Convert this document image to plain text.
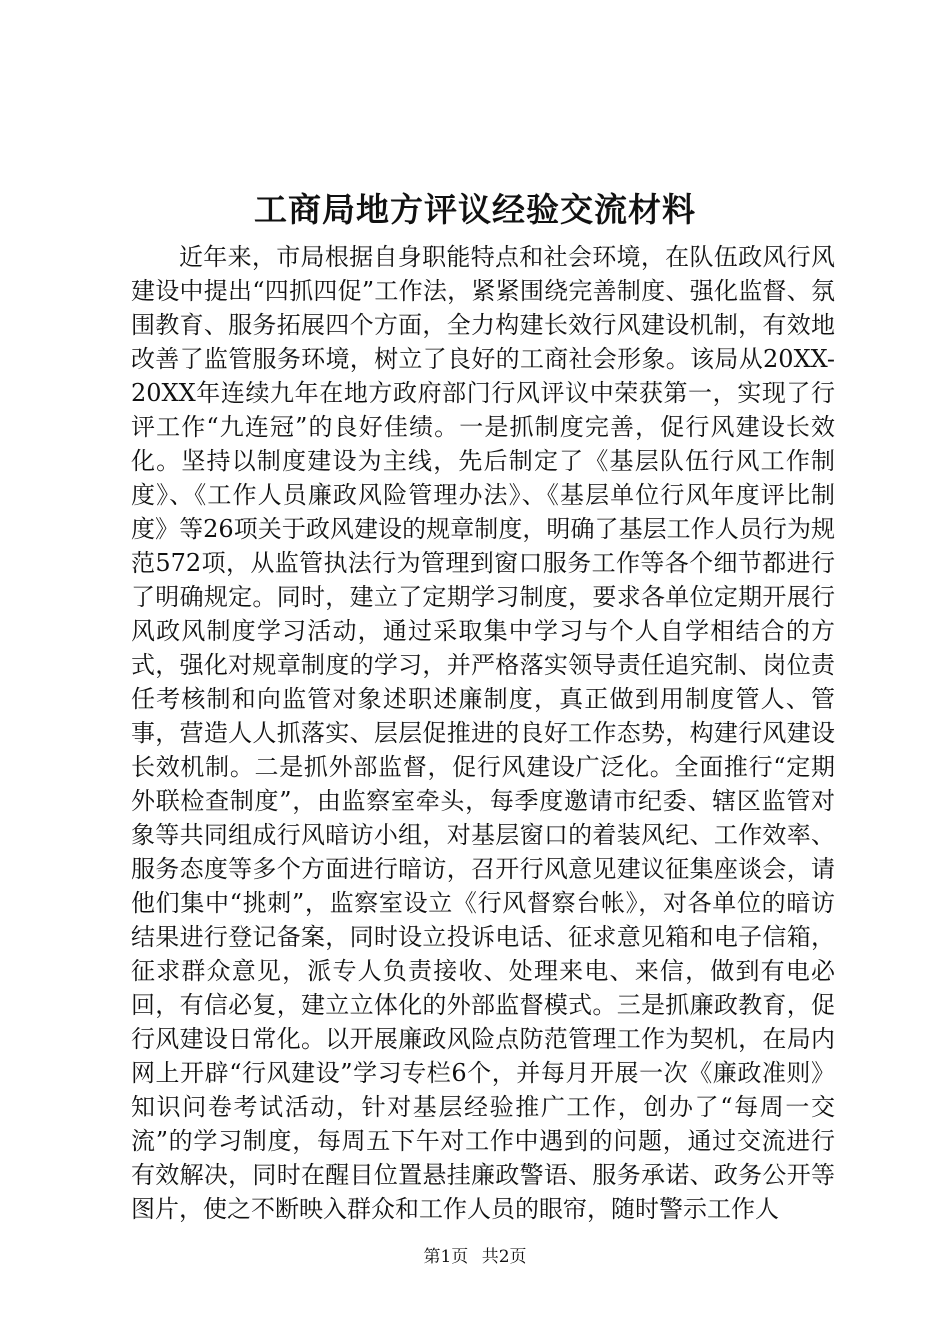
工商局地方评议经验交流材料

近年来，市局根据自身职能特点和社会环境，在队伍政风行风建设中提出“四抓四促”工作法，紧紧围绕完善制度、强化监督、氛围教育、服务拓展四个方面，全力构建长效行风建设机制，有效地改善了监管服务环境，树立了良好的工商社会形象。该局从20XX-20XX年连续九年在地方政府部门行风评议中荣获第一，实现了行评工作“九连冠”的良好佳绩。一是抓制度完善，促行风建设长效化。坚持以制度建设为主线，先后制定了《基层队伍行风工作制度》、《工作人员廉政风险管理办法》、《基层单位行风年度评比制度》等26项关于政风建设的规章制度，明确了基层工作人员行为规范572项，从监管执法行为管理到窗口服务工作等各个细节都进行了明确规定。同时，建立了定期学习制度，要求各单位定期开展行风政风制度学习活动，通过采取集中学习与个人自学相结合的方式，强化对规章制度的学习，并严格落实领导责任追究制、岗位责任考核制和向监管对象述职述廉制度，真正做到用制度管人、管事，营造人人抓落实、层层促推进的良好工作态势，构建行风建设长效机制。二是抓外部监督，促行风建设广泛化。全面推行“定期外联检查制度”，由监察室牵头，每季度邀请市纪委、辖区监管对象等共同组成行风暗访小组，对基层窗口的着装风纪、工作效率、服务态度等多个方面进行暗访，召开行风意见建议征集座谈会，请他们集中“挑刺”，监察室设立《行风督察台帐》，对各单位的暗访结果进行登记备案，同时设立投诉电话、征求意见箱和电子信箱，征求群众意见，派专人负责接收、处理来电、来信，做到有电必回，有信必复，建立立体化的外部监督模式。三是抓廉政教育，促行风建设日常化。以开展廉政风险点防范管理工作为契机，在局内网上开辟“行风建设”学习专栏6个，并每月开展一次《廉政准则》知识问卷考试活动，针对基层经验推广工作，创办了“每周一交流”的学习制度，每周五下午对工作中遇到的问题，通过交流进行有效解决，同时在醒目位置悬挂廉政警语、服务承诺、政务公开等图片，使之不断映入群众和工作人员的眼帘，随时警示工作人

第1页 共2页
